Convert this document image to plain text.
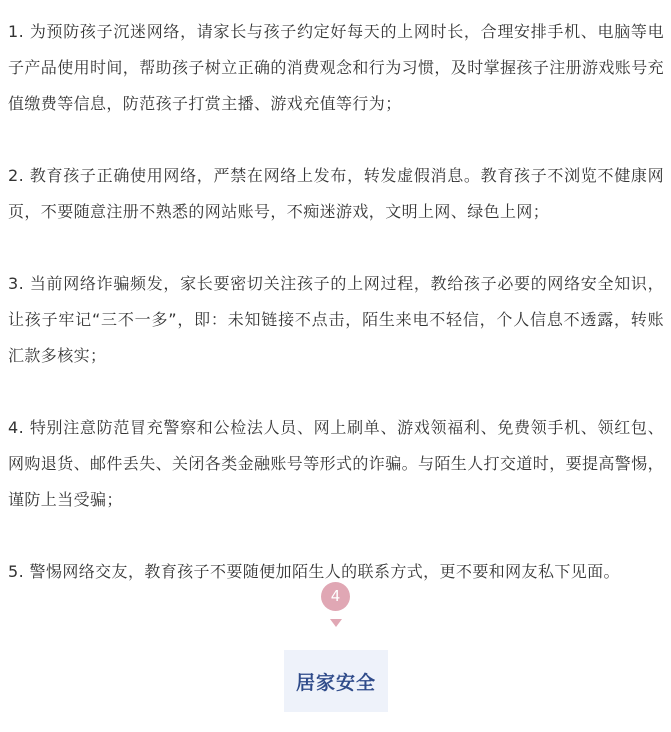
1. 为预防孩子沉迷网络，请家长与孩子约定好每天的上网时长，合理安排手机、电脑等电子产品使用时间，帮助孩子树立正确的消费观念和行为习惯，及时掌握孩子注册游戏账号充值缴费等信息，防范孩子打赏主播、游戏充值等行为；

2. 教育孩子正确使用网络，严禁在网络上发布，转发虚假消息。教育孩子不浏览不健康网页，不要随意注册不熟悉的网站账号，不痴迷游戏，文明上网、绿色上网；

3. 当前网络诈骗频发，家长要密切关注孩子的上网过程，教给孩子必要的网络安全知识，让孩子牢记“三不一多”，即：未知链接不点击，陌生来电不轻信，个人信息不透露，转账汇款多核实；

4. 特别注意防范冒充警察和公检法人员、网上刷单、游戏领福利、免费领手机、领红包、网购退货、邮件丢失、关闭各类金融账号等形式的诈骗。与陌生人打交道时，要提高警惕，谨防上当受骗；

5. 警惕网络交友，教育孩子不要随便加陌生人的联系方式，更不要和网友私下见面。

4
居家安全
